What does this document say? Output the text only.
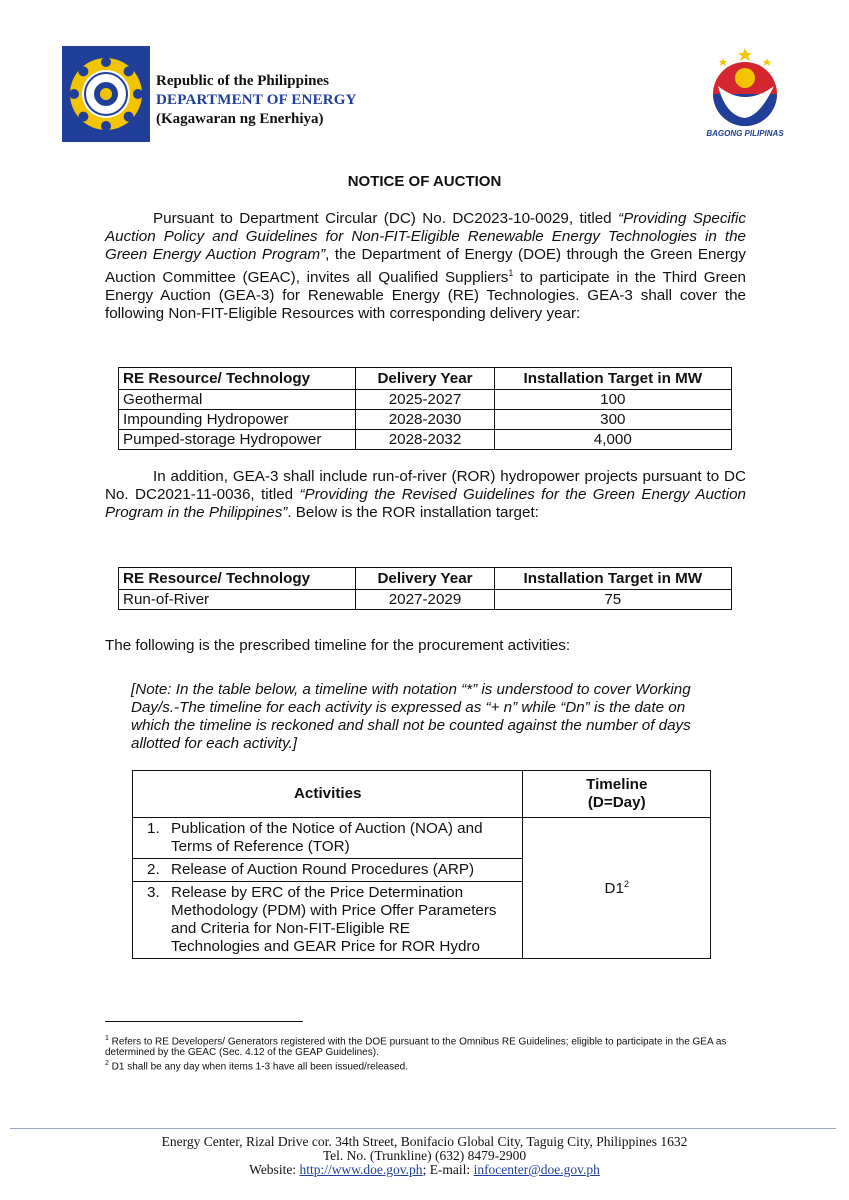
Republic of the Philippines
DEPARTMENT OF ENERGY
(Kagawaran ng Enerhiya)
BAGONG PILIPINAS
NOTICE OF AUCTION
Pursuant to Department Circular (DC) No. DC2023-10-0029, titled “Providing Specific Auction Policy and Guidelines for Non-FIT-Eligible Renewable Energy Technologies in the Green Energy Auction Program”, the Department of Energy (DOE) through the Green Energy Auction Committee (GEAC), invites all Qualified Suppliers$^1$ to participate in the Third Green Energy Auction (GEA-3) for Renewable Energy (RE) Technologies. GEA-3 shall cover the following Non-FIT-Eligible Resources with corresponding delivery year:
RE Resource/ Technology	Delivery Year	Installation Target in MW
Geothermal	2025-2027	100
Impounding Hydropower	2028-2030	300
Pumped-storage Hydropower	2028-2032	4,000
In addition, GEA-3 shall include run-of-river (ROR) hydropower projects pursuant to DC No. DC2021-11-0036, titled “Providing the Revised Guidelines for the Green Energy Auction Program in the Philippines”. Below is the ROR installation target:
RE Resource/ Technology	Delivery Year	Installation Target in MW
Run-of-River	2027-2029	75
The following is the prescribed timeline for the procurement activities:
[Note: In the table below, a timeline with notation “*” is understood to cover Working Day/s.-The timeline for each activity is expressed as “+ n” while “Dn” is the date on which the timeline is reckoned and shall not be counted against the number of days allotted for each activity.]
Activities	Timeline (D=Day)
1. Publication of the Notice of Auction (NOA) and Terms of Reference (TOR)	$D1^2$
2. Release of Auction Round Procedures (ARP)	
3. Release by ERC of the Price Determination Methodology (PDM) with Price Offer Parameters and Criteria for Non-FIT-Eligible RE Technologies and GEAR Price for ROR Hydro	
$^1$ Refers to RE Developers/ Generators registered with the DOE pursuant to the Omnibus RE Guidelines; eligible to participate in the GEA as determined by the GEAC (Sec. 4.12 of the GEAP Guidelines).
$^2$ D1 shall be any day when items 1-3 have all been issued/released.
Energy Center, Rizal Drive cor. 34th Street, Bonifacio Global City, Taguig City, Philippines 1632
Tel. No. (Trunkline) (632) 8479-2900
Website: http://www.doe.gov.ph; E-mail: infocenter@doe.gov.ph
